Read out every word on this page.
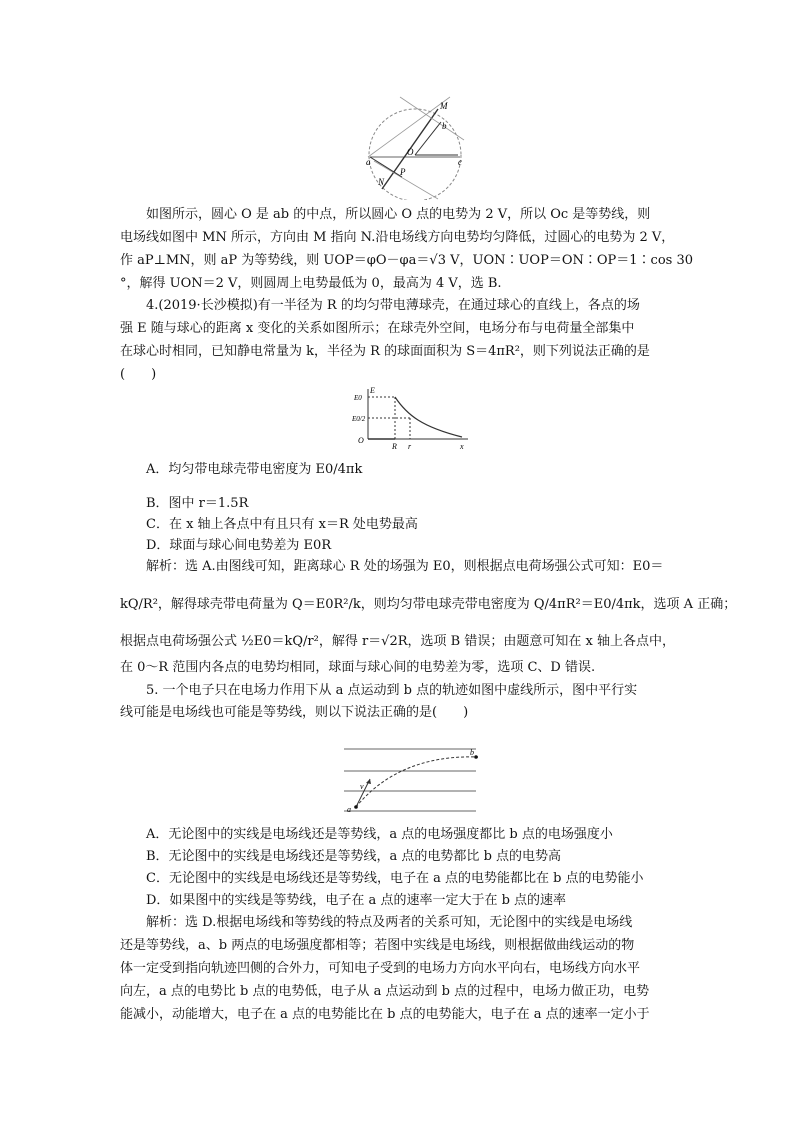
M
b
O
a	c
N
P
如图所示，圆心 O 是 ab 的中点，所以圆心 O 点的电势为 2 V，所以 Oc 是等势线，则
电场线如图中 MN 所示，方向由 M 指向 N.沿电场线方向电势均匀降低，过圆心的电势为 2 V，
作 aP⊥MN，则 aP 为等势线，则 UOP＝φO－φa＝√3 V，UON∶UOP＝ON∶OP＝1∶cos 30
°，解得 UON＝2 V，则圆周上电势最低为 0，最高为 4 V，选 B.
4.(2019·长沙模拟)有一半径为 R 的均匀带电薄球壳，在通过球心的直线上，各点的场
强 E 随与球心的距离 x 变化的关系如图所示；在球壳外空间，电场分布与电荷量全部集中
在球心时相同，已知静电常量为 k，半径为 R 的球面面积为 S＝4πR²，则下列说法正确的是
(　　)
E
E0
E0/2
O
R r	x
A．均匀带电球壳带电密度为 E0/4πk
B．图中 r＝1.5R
C．在 x 轴上各点中有且只有 x＝R 处电势最高
D．球面与球心间电势差为 E0R
解析：选 A.由图线可知，距离球心 R 处的场强为 E0，则根据点电荷场强公式可知：E0＝
kQ/R²，解得球壳带电荷量为 Q＝E0R²/k，则均匀带电球壳带电密度为 Q/4πR²＝E0/4πk，选项 A 正确；
根据点电荷场强公式 ½E0＝kQ/r²，解得 r＝√2R，选项 B 错误；由题意可知在 x 轴上各点中，
在 0～R 范围内各点的电势均相同，球面与球心间的电势差为零，选项 C、D 错误.
5. 一个电子只在电场力作用下从 a 点运动到 b 点的轨迹如图中虚线所示，图中平行实
线可能是电场线也可能是等势线，则以下说法正确的是(　　)
a
b
v
A．无论图中的实线是电场线还是等势线，a 点的电场强度都比 b 点的电场强度小
B．无论图中的实线是电场线还是等势线，a 点的电势都比 b 点的电势高
C．无论图中的实线是电场线还是等势线，电子在 a 点的电势能都比在 b 点的电势能小
D．如果图中的实线是等势线，电子在 a 点的速率一定大于在 b 点的速率
解析：选 D.根据电场线和等势线的特点及两者的关系可知，无论图中的实线是电场线
还是等势线，a、b 两点的电场强度都相等；若图中实线是电场线，则根据做曲线运动的物
体一定受到指向轨迹凹侧的合外力，可知电子受到的电场力方向水平向右，电场线方向水平
向左，a 点的电势比 b 点的电势低，电子从 a 点运动到 b 点的过程中，电场力做正功，电势
能减小，动能增大，电子在 a 点的电势能比在 b 点的电势能大，电子在 a 点的速率一定小于
